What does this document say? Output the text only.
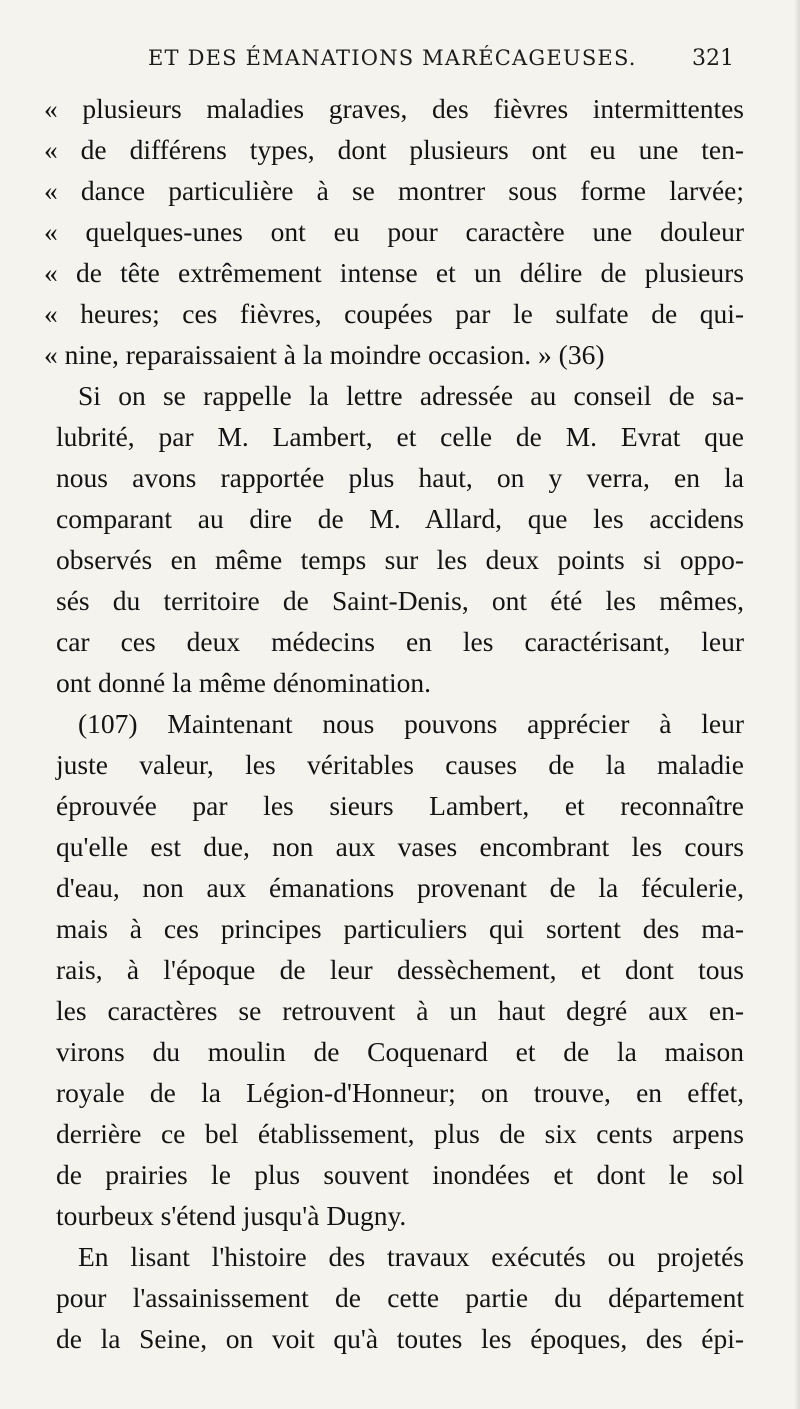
ET DES ÉMANATIONS MARÉCAGEUSES.	321
« plusieurs maladies graves, des fièvres intermittentes
« de différens types, dont plusieurs ont eu une ten-
« dance particulière à se montrer sous forme larvée;
« quelques-unes ont eu pour caractère une douleur
« de tête extrêmement intense et un délire de plusieurs
« heures; ces fièvres, coupées par le sulfate de qui-
« nine, reparaissaient à la moindre occasion. » (36)
Si on se rappelle la lettre adressée au conseil de sa-
lubrité, par M. Lambert, et celle de M. Evrat que
nous avons rapportée plus haut, on y verra, en la
comparant au dire de M. Allard, que les accidens
observés en même temps sur les deux points si oppo-
sés du territoire de Saint-Denis, ont été les mêmes,
car ces deux médecins en les caractérisant, leur
ont donné la même dénomination.
(107) Maintenant nous pouvons apprécier à leur
juste valeur, les véritables causes de la maladie
éprouvée par les sieurs Lambert, et reconnaître
qu'elle est due, non aux vases encombrant les cours
d'eau, non aux émanations provenant de la féculerie,
mais à ces principes particuliers qui sortent des ma-
rais, à l'époque de leur dessèchement, et dont tous
les caractères se retrouvent à un haut degré aux en-
virons du moulin de Coquenard et de la maison
royale de la Légion-d'Honneur; on trouve, en effet,
derrière ce bel établissement, plus de six cents arpens
de prairies le plus souvent inondées et dont le sol
tourbeux s'étend jusqu'à Dugny.
En lisant l'histoire des travaux exécutés ou projetés
pour l'assainissement de cette partie du département
de la Seine, on voit qu'à toutes les époques, des épi-
